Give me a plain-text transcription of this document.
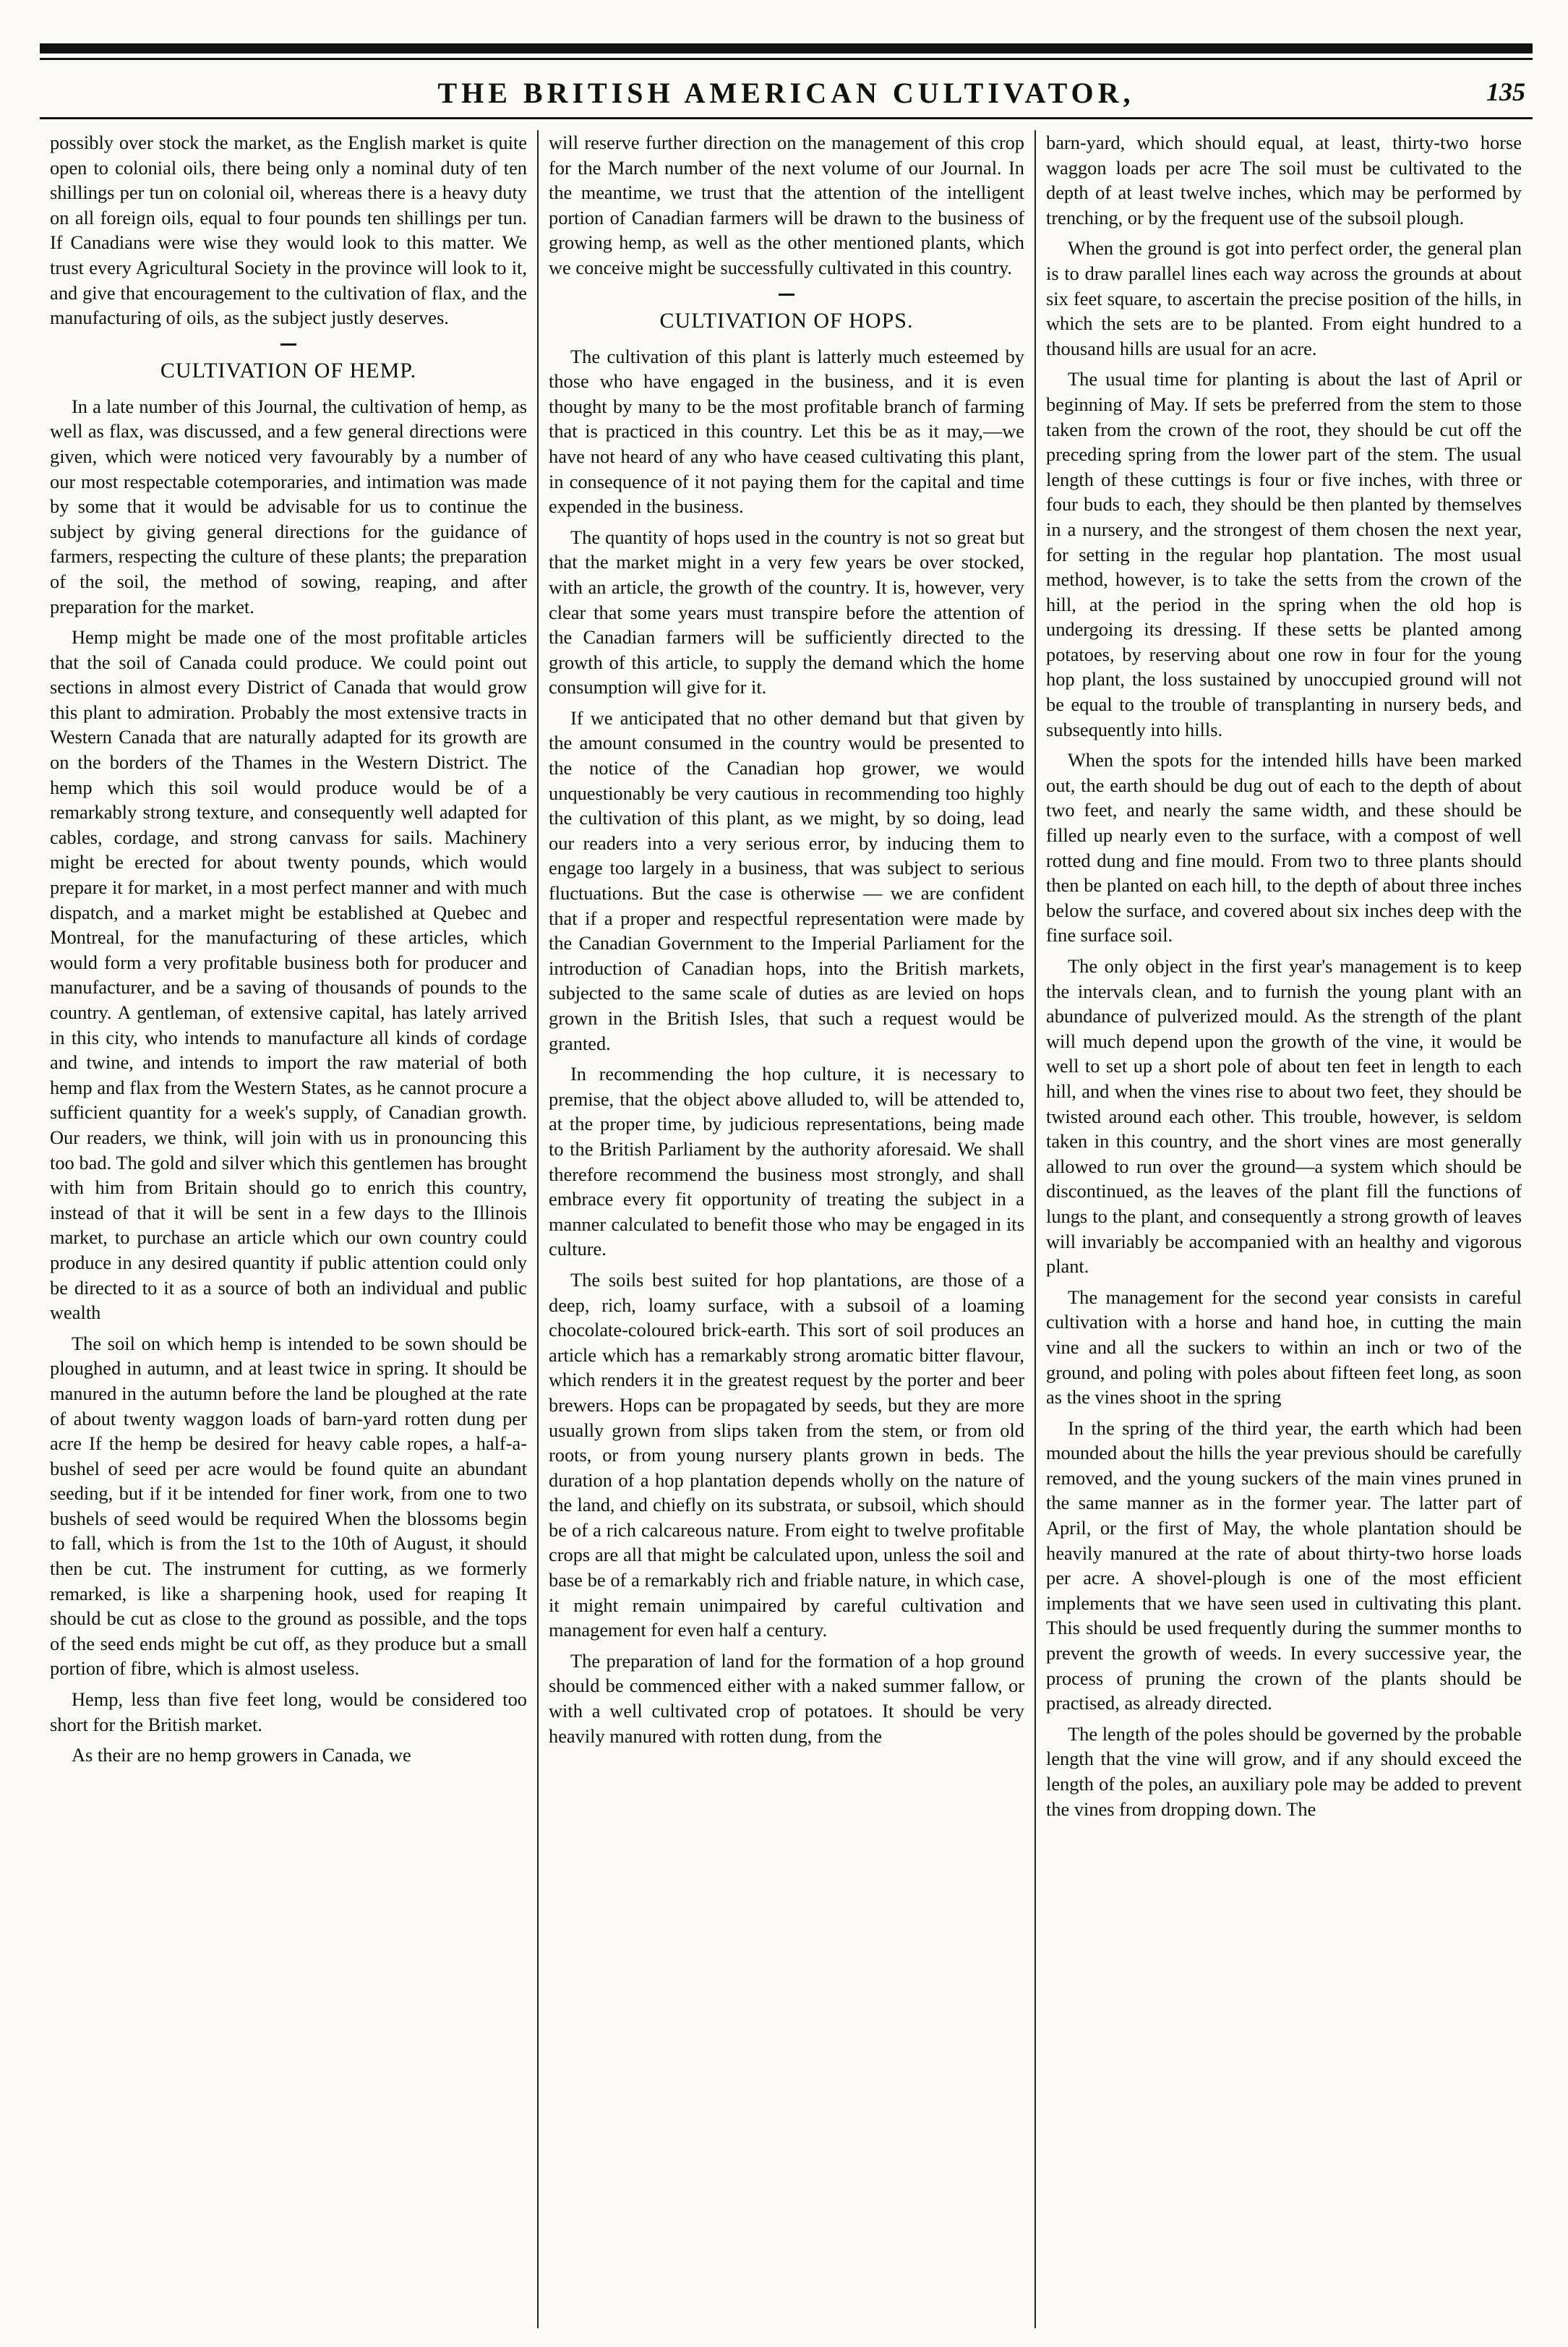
THE BRITISH AMERICAN CULTIVATOR,	135

possibly over stock the market, as the English market is quite open to colonial oils, there being only a nominal duty of ten shillings per tun on colonial oil, whereas there is a heavy duty on all foreign oils, equal to four pounds ten shillings per tun. If Canadians were wise they would look to this matter. We trust every Agricultural Society in the province will look to it, and give that encouragement to the cultivation of flax, and the manufacturing of oils, as the subject justly deserves.

CULTIVATION OF HEMP.

In a late number of this Journal, the cultivation of hemp, as well as flax, was discussed, and a few general directions were given, which were noticed very favourably by a number of our most respectable cotemporaries, and intimation was made by some that it would be advisable for us to continue the subject by giving general directions for the guidance of farmers, respecting the culture of these plants; the preparation of the soil, the method of sowing, reaping, and after preparation for the market.

Hemp might be made one of the most profitable articles that the soil of Canada could produce. We could point out sections in almost every District of Canada that would grow this plant to admiration. Probably the most extensive tracts in Western Canada that are naturally adapted for its growth are on the borders of the Thames in the Western District. The hemp which this soil would produce would be of a remarkably strong texture, and consequently well adapted for cables, cordage, and strong canvass for sails. Machinery might be erected for about twenty pounds, which would prepare it for market, in a most perfect manner and with much dispatch, and a market might be established at Quebec and Montreal, for the manufacturing of these articles, which would form a very profitable business both for producer and manufacturer, and be a saving of thousands of pounds to the country. A gentleman, of extensive capital, has lately arrived in this city, who intends to manufacture all kinds of cordage and twine, and intends to import the raw material of both hemp and flax from the Western States, as he cannot procure a sufficient quantity for a week's supply, of Canadian growth. Our readers, we think, will join with us in pronouncing this too bad. The gold and silver which this gentlemen has brought with him from Britain should go to enrich this country, instead of that it will be sent in a few days to the Illinois market, to purchase an article which our own country could produce in any desired quantity if public attention could only be directed to it as a source of both an individual and public wealth

The soil on which hemp is intended to be sown should be ploughed in autumn, and at least twice in spring. It should be manured in the autumn before the land be ploughed at the rate of about twenty waggon loads of barn-yard rotten dung per acre If the hemp be desired for heavy cable ropes, a half-a-bushel of seed per acre would be found quite an abundant seeding, but if it be intended for finer work, from one to two bushels of seed would be required When the blossoms begin to fall, which is from the 1st to the 10th of August, it should then be cut. The instrument for cutting, as we formerly remarked, is like a sharpening hook, used for reaping It should be cut as close to the ground as possible, and the tops of the seed ends might be cut off, as they produce but a small portion of fibre, which is almost useless.

Hemp, less than five feet long, would be considered too short for the British market.

As their are no hemp growers in Canada, we

will reserve further direction on the management of this crop for the March number of the next volume of our Journal. In the meantime, we trust that the attention of the intelligent portion of Canadian farmers will be drawn to the business of growing hemp, as well as the other mentioned plants, which we conceive might be successfully cultivated in this country.

CULTIVATION OF HOPS.

The cultivation of this plant is latterly much esteemed by those who have engaged in the business, and it is even thought by many to be the most profitable branch of farming that is practiced in this country. Let this be as it may,—we have not heard of any who have ceased cultivating this plant, in consequence of it not paying them for the capital and time expended in the business.

The quantity of hops used in the country is not so great but that the market might in a very few years be over stocked, with an article, the growth of the country. It is, however, very clear that some years must transpire before the attention of the Canadian farmers will be sufficiently directed to the growth of this article, to supply the demand which the home consumption will give for it.

If we anticipated that no other demand but that given by the amount consumed in the country would be presented to the notice of the Canadian hop grower, we would unquestionably be very cautious in recommending too highly the cultivation of this plant, as we might, by so doing, lead our readers into a very serious error, by inducing them to engage too largely in a business, that was subject to serious fluctuations. But the case is otherwise — we are confident that if a proper and respectful representation were made by the Canadian Government to the Imperial Parliament for the introduction of Canadian hops, into the British markets, subjected to the same scale of duties as are levied on hops grown in the British Isles, that such a request would be granted.

In recommending the hop culture, it is necessary to premise, that the object above alluded to, will be attended to, at the proper time, by judicious representations, being made to the British Parliament by the authority aforesaid. We shall therefore recommend the business most strongly, and shall embrace every fit opportunity of treating the subject in a manner calculated to benefit those who may be engaged in its culture.

The soils best suited for hop plantations, are those of a deep, rich, loamy surface, with a subsoil of a loaming chocolate-coloured brick-earth. This sort of soil produces an article which has a remarkably strong aromatic bitter flavour, which renders it in the greatest request by the porter and beer brewers. Hops can be propagated by seeds, but they are more usually grown from slips taken from the stem, or from old roots, or from young nursery plants grown in beds. The duration of a hop plantation depends wholly on the nature of the land, and chiefly on its substrata, or subsoil, which should be of a rich calcareous nature. From eight to twelve profitable crops are all that might be calculated upon, unless the soil and base be of a remarkably rich and friable nature, in which case, it might remain unimpaired by careful cultivation and management for even half a century.

The preparation of land for the formation of a hop ground should be commenced either with a naked summer fallow, or with a well cultivated crop of potatoes. It should be very heavily manured with rotten dung, from the

barn-yard, which should equal, at least, thirty-two horse waggon loads per acre The soil must be cultivated to the depth of at least twelve inches, which may be performed by trenching, or by the frequent use of the subsoil plough.

When the ground is got into perfect order, the general plan is to draw parallel lines each way across the grounds at about six feet square, to ascertain the precise position of the hills, in which the sets are to be planted. From eight hundred to a thousand hills are usual for an acre.

The usual time for planting is about the last of April or beginning of May. If sets be preferred from the stem to those taken from the crown of the root, they should be cut off the preceding spring from the lower part of the stem. The usual length of these cuttings is four or five inches, with three or four buds to each, they should be then planted by themselves in a nursery, and the strongest of them chosen the next year, for setting in the regular hop plantation. The most usual method, however, is to take the setts from the crown of the hill, at the period in the spring when the old hop is undergoing its dressing. If these setts be planted among potatoes, by reserving about one row in four for the young hop plant, the loss sustained by unoccupied ground will not be equal to the trouble of transplanting in nursery beds, and subsequently into hills.

When the spots for the intended hills have been marked out, the earth should be dug out of each to the depth of about two feet, and nearly the same width, and these should be filled up nearly even to the surface, with a compost of well rotted dung and fine mould. From two to three plants should then be planted on each hill, to the depth of about three inches below the surface, and covered about six inches deep with the fine surface soil.

The only object in the first year's management is to keep the intervals clean, and to furnish the young plant with an abundance of pulverized mould. As the strength of the plant will much depend upon the growth of the vine, it would be well to set up a short pole of about ten feet in length to each hill, and when the vines rise to about two feet, they should be twisted around each other. This trouble, however, is seldom taken in this country, and the short vines are most generally allowed to run over the ground—a system which should be discontinued, as the leaves of the plant fill the functions of lungs to the plant, and consequently a strong growth of leaves will invariably be accompanied with an healthy and vigorous plant.

The management for the second year consists in careful cultivation with a horse and hand hoe, in cutting the main vine and all the suckers to within an inch or two of the ground, and poling with poles about fifteen feet long, as soon as the vines shoot in the spring

In the spring of the third year, the earth which had been mounded about the hills the year previous should be carefully removed, and the young suckers of the main vines pruned in the same manner as in the former year. The latter part of April, or the first of May, the whole plantation should be heavily manured at the rate of about thirty-two horse loads per acre. A shovel-plough is one of the most efficient implements that we have seen used in cultivating this plant. This should be used frequently during the summer months to prevent the growth of weeds. In every successive year, the process of pruning the crown of the plants should be practised, as already directed.

The length of the poles should be governed by the probable length that the vine will grow, and if any should exceed the length of the poles, an auxiliary pole may be added to prevent the vines from dropping down. The
